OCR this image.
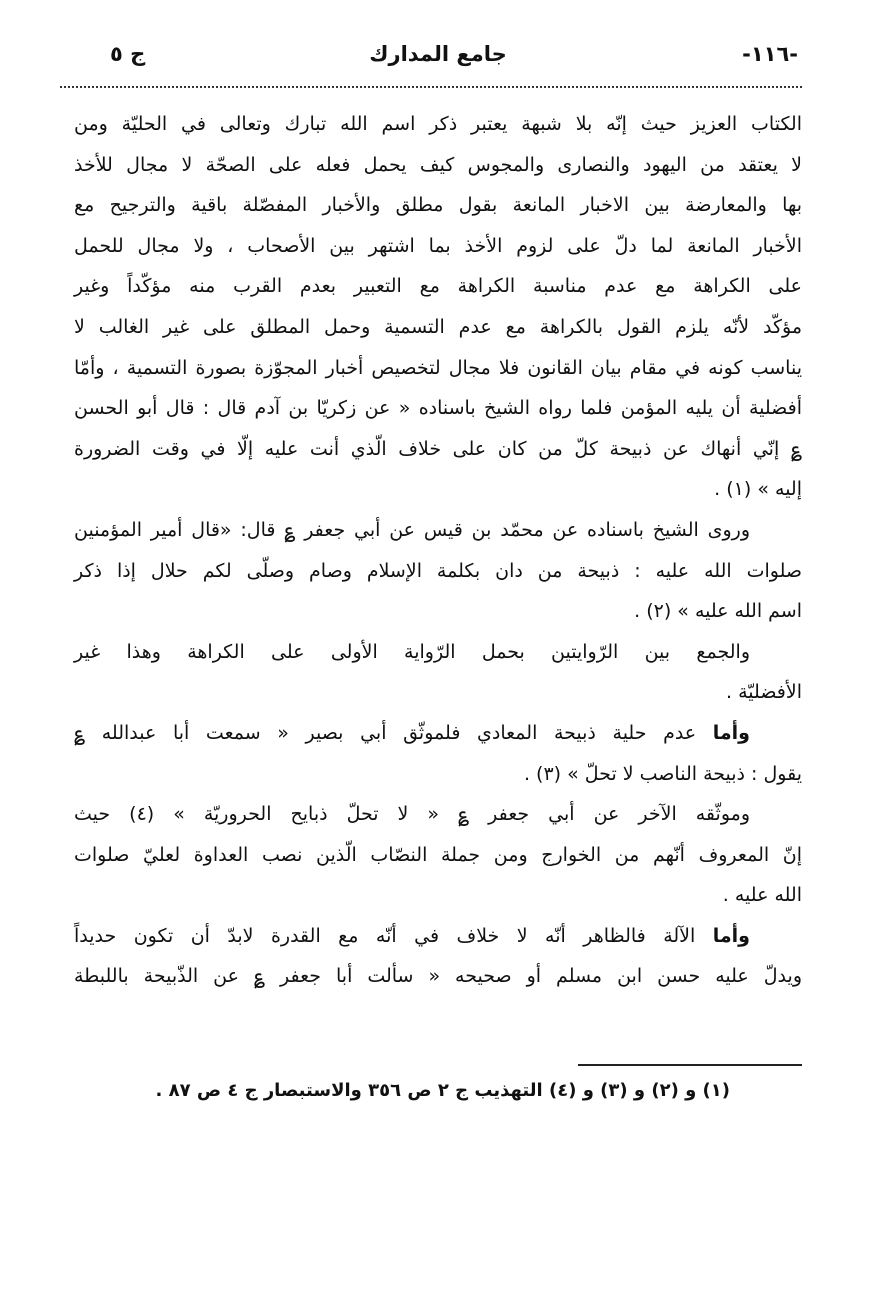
-١١٦-
جامع المدارك
ج ٥
الكتاب العزيز حيث إنّه بلا شبهة يعتبر ذكر اسم الله تبارك وتعالى في الحليّة ومن
لا يعتقد من اليهود والنصارى والمجوس كيف يحمل فعله على الصحّة لا مجال للأخذ
بها والمعارضة بين الاخبار المانعة بقول مطلق والأخبار المفصّلة باقية والترجيح مع
الأخبار المانعة لما دلّ على لزوم الأخذ بما اشتهر بين الأصحاب ، ولا مجال للحمل
على الكراهة مع عدم مناسبة الكراهة مع التعبير بعدم القرب منه مؤكّداً وغير
مؤكّد لأنّه يلزم القول بالكراهة مع عدم التسمية وحمل المطلق على غير الغالب لا
يناسب كونه في مقام بيان القانون فلا مجال لتخصيص أخبار المجوّزة بصورة التسمية ، وأمّا
أفضلية أن يليه المؤمن فلما رواه الشيخ باسناده « عن زكريّا بن آدم قال : قال أبو الحسن
؏ إنّي أنهاك عن ذبيحة كلّ من كان على خلاف الّذي أنت عليه إلّا في وقت الضرورة
إليه » (١) .
وروى الشيخ باسناده عن محمّد بن قيس عن أبي جعفر ؏ قال: «قال أمير المؤمنين
صلوات الله عليه : ذبيحة من دان بكلمة الإسلام وصام وصلّى لكم حلال إذا ذكر
اسم الله عليه » (٢) .
والجمع بين الرّوايتين بحمل الرّواية الأولى على الكراهة وهذا غير
الأفضليّة .
وأما عدم حلية ذبيحة المعادي فلموثّق أبي بصير « سمعت أبا عبدالله ؏
يقول : ذبيحة الناصب لا تحلّ » (٣) .
وموثّقه الآخر عن أبي جعفر ؏ « لا تحلّ ذبايح الحروريّة » (٤) حيث
إنّ المعروف أنّهم من الخوارج ومن جملة النصّاب الّذين نصب العداوة لعليّ صلوات
الله عليه .
وأما الآلة فالظاهر أنّه لا خلاف في أنّه مع القدرة لابدّ أن تكون حديداً
ويدلّ عليه حسن ابن مسلم أو صحيحه « سألت أبا جعفر ؏ عن الذّبيحة باللبطة
(١) و (٢) و (٣) و (٤) التهذيب ج ٢ ص ٣٥٦ والاستبصار ج ٤ ص ٨٧ .
